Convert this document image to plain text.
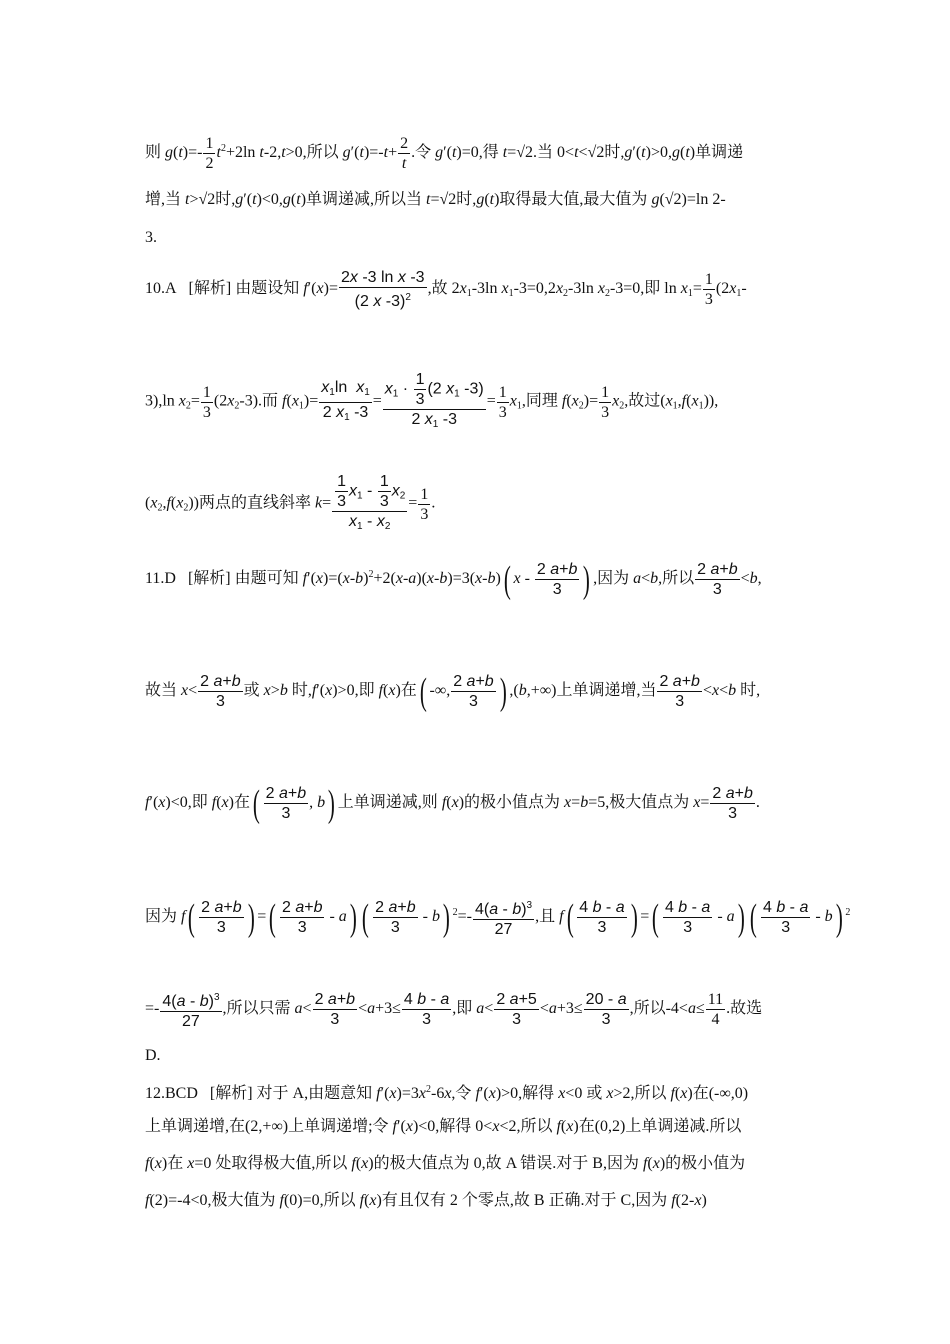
则 $g(t)=- \frac{1}{2} t^2+2\ln$ t-2,t>0,所以 $g'(t)=-t+ \frac{2}{t}$ .令 g′(t)=0,得 t=√2.当 0<t<√2时,g′(t)>0,g(t)单调递
增,当 t>√2时,g′(t)<0,g(t)单调递减,所以当 t=√2时,g(t)取得最大值,最大值为 g(√2)=ln 2-
3.
10.A   [解析] 由题设知 $f'(x)= \frac{\text{2x -3 ln x -3}}{(2 x -3)^2}$ ,故 $2x_1-3\ln$ $x_1-3=0,2x_2-3\ln$ $x_2-3=0$,即 $\ln x_1= \frac{1}{3} (2x_1-$
3),ln $x_2= \frac{1}{3} (2x_2-3)$.而 $f(x_1)= \frac{x_1\ln x_1}{2 x_1 -3} = \frac{x_1 \cdot \frac{1}{3} (2 x_1 -3)}{2 x_1 -3} = \frac{1}{3} x_1$,同理 $f(x_2)= \frac{1}{3} x_2$,故过$(x_1,f(x_1))$,
$(x_2,f(x_2))$两点的直线斜率 $k= \frac{\frac{1}{3} x_1 - \frac{1}{3} x_2}{x_1 - x_2} = \frac{1}{3}$ .
11.D   [解析] 由题可知 $f'(x)=(x-b)^2+2(x-a)(x-b)=3(x-b)$( x - $\frac{2 a+b}{3}$ ) ,因为 a<b,所以 $\frac{2 a+b}{3} <b$,
故当 $x< \frac{2 a+b}{3}$ 或 x>b 时,f′(x)>0,即 f(x)在( -∞, $\frac{2 a+b}{3}$ ) ,(b,+∞)上单调递增,当 $\frac{2 a+b}{3} <x<b$ 时,
f′(x)<0,即 f(x)在( $\frac{2 a+b}{3}$ , b) 上单调递减,则 f(x)的极小值点为 x=b=5,极大值点为 $x= \frac{2 a+b}{3}$ .
因为 $f( \frac{2 a+b}{3}$ ) =( $\frac{2 a+b}{3} - a$) ( $\frac{2 a+b}{3} - b$) $^2=- \frac{4(a - b)^3}{27}$ ,且 $f( \frac{4 b - a}{3}$ ) =( $\frac{4 b - a}{3} - a$) ( $\frac{4 b - a}{3} - b$) $^2$
=- $\frac{4(a - b)^3}{27}$ ,所以只需 $a< \frac{2 a+b}{3} <a+3\le \frac{4 b - a}{3}$ ,即 $a< \frac{2 a+5}{3} <a+3\le \frac{20 - a}{3}$ ,所以$-4<a\le \frac{11}{4}$ .故选
D.
12.BCD   [解析] 对于 A,由题意知 $f'(x)=3x^2-6x$,令 f′(x)>0,解得 x<0 或 x>2,所以 f(x)在(-∞,0)
上单调递增,在(2,+∞)上单调递增;令 f′(x)<0,解得 0<x<2,所以 f(x)在(0,2)上单调递减.所以
f(x)在 x=0 处取得极大值,所以 f(x)的极大值点为 0,故 A 错误.对于 B,因为 f(x)的极小值为
f(2)=-4<0,极大值为 f(0)=0,所以 f(x)有且仅有 2 个零点,故 B 正确.对于 C,因为 f(2-x)
